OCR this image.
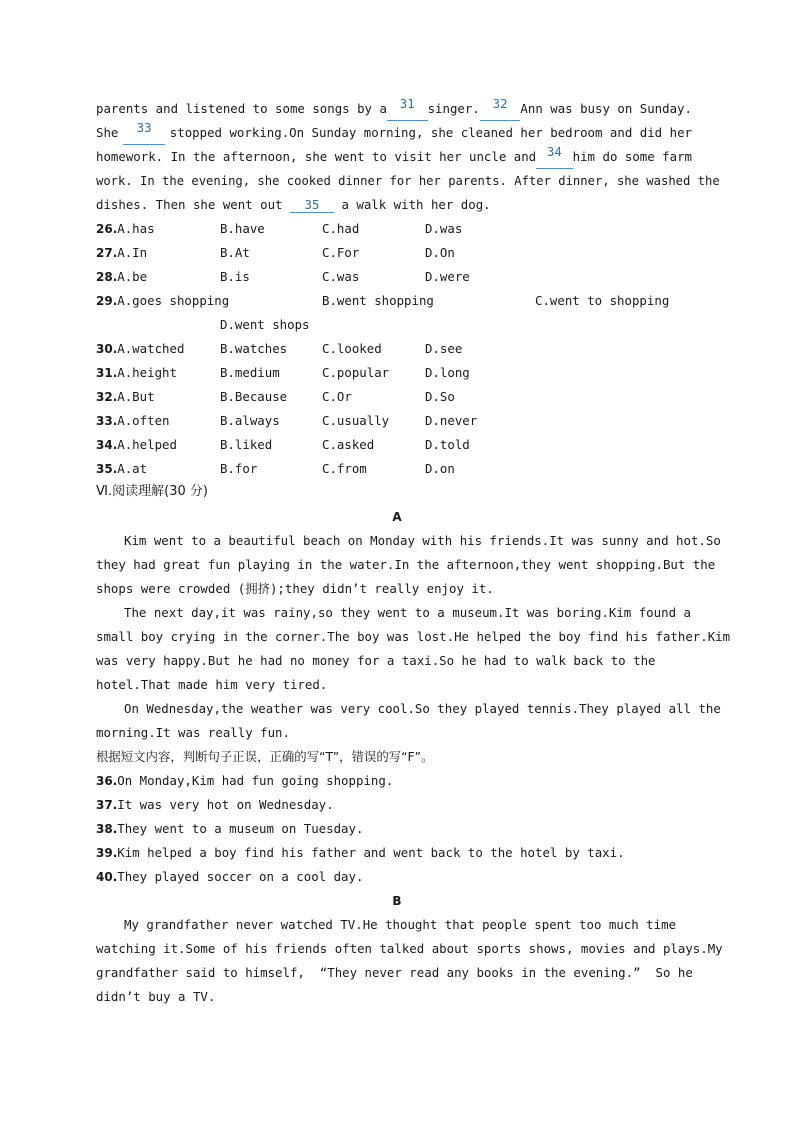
parents and listened to some songs by a	31	singer.	32	Ann was busy on Sunday.
She	33	stopped working.On Sunday morning, she cleaned her bedroom and did her
homework. In the afternoon, she went to visit her uncle and 34 him do some farm
work. In the evening, she cooked dinner for her parents. After dinner, she washed the
dishes. Then she went out 35 a walk with her dog.
26.A.has	B.have	C.had	D.was
27.A.In	B.At	C.For	D.On
28.A.be	B.is	C.was	D.were
29.A.goes shopping	B.went shopping	C.went to shopping
D.went shops
30.A.watched	B.watches	C.looked	D.see
31.A.height	B.medium	C.popular	D.long
32.A.But	B.Because	C.Or	D.So
33.A.often	B.always	C.usually	D.never
34.A.helped	B.liked	C.asked	D.told
35.A.at	B.for	C.from	D.on
Ⅵ.阅读理解(30 分)
A
Kim went to a beautiful beach on Monday with his friends.It was sunny and hot.So
they had great fun playing in the water.In the afternoon,they went shopping.But the
shops were crowded (拥挤);they didn’t really enjoy it.
The next day,it was rainy,so they went to a museum.It was boring.Kim found a
small boy crying in the corner.The boy was lost.He helped the boy find his father.Kim
was very happy.But he had no money for a taxi.So he had to walk back to the
hotel.That made him very tired.
On Wednesday,the weather was very cool.So they played tennis.They played all the
morning.It was really fun.
根据短文内容，判断句子正误，正确的写“T”，错误的写“F”。
36.On Monday,Kim had fun going shopping.
37.It was very hot on Wednesday.
38.They went to a museum on Tuesday.
39.Kim helped a boy find his father and went back to the hotel by taxi.
40.They played soccer on a cool day.
B
My grandfather never watched TV.He thought that people spent too much time
watching it.Some of his friends often talked about sports shows, movies and plays.My
grandfather said to himself,  “They never read any books in the evening.”  So he
didn’t buy a TV.
